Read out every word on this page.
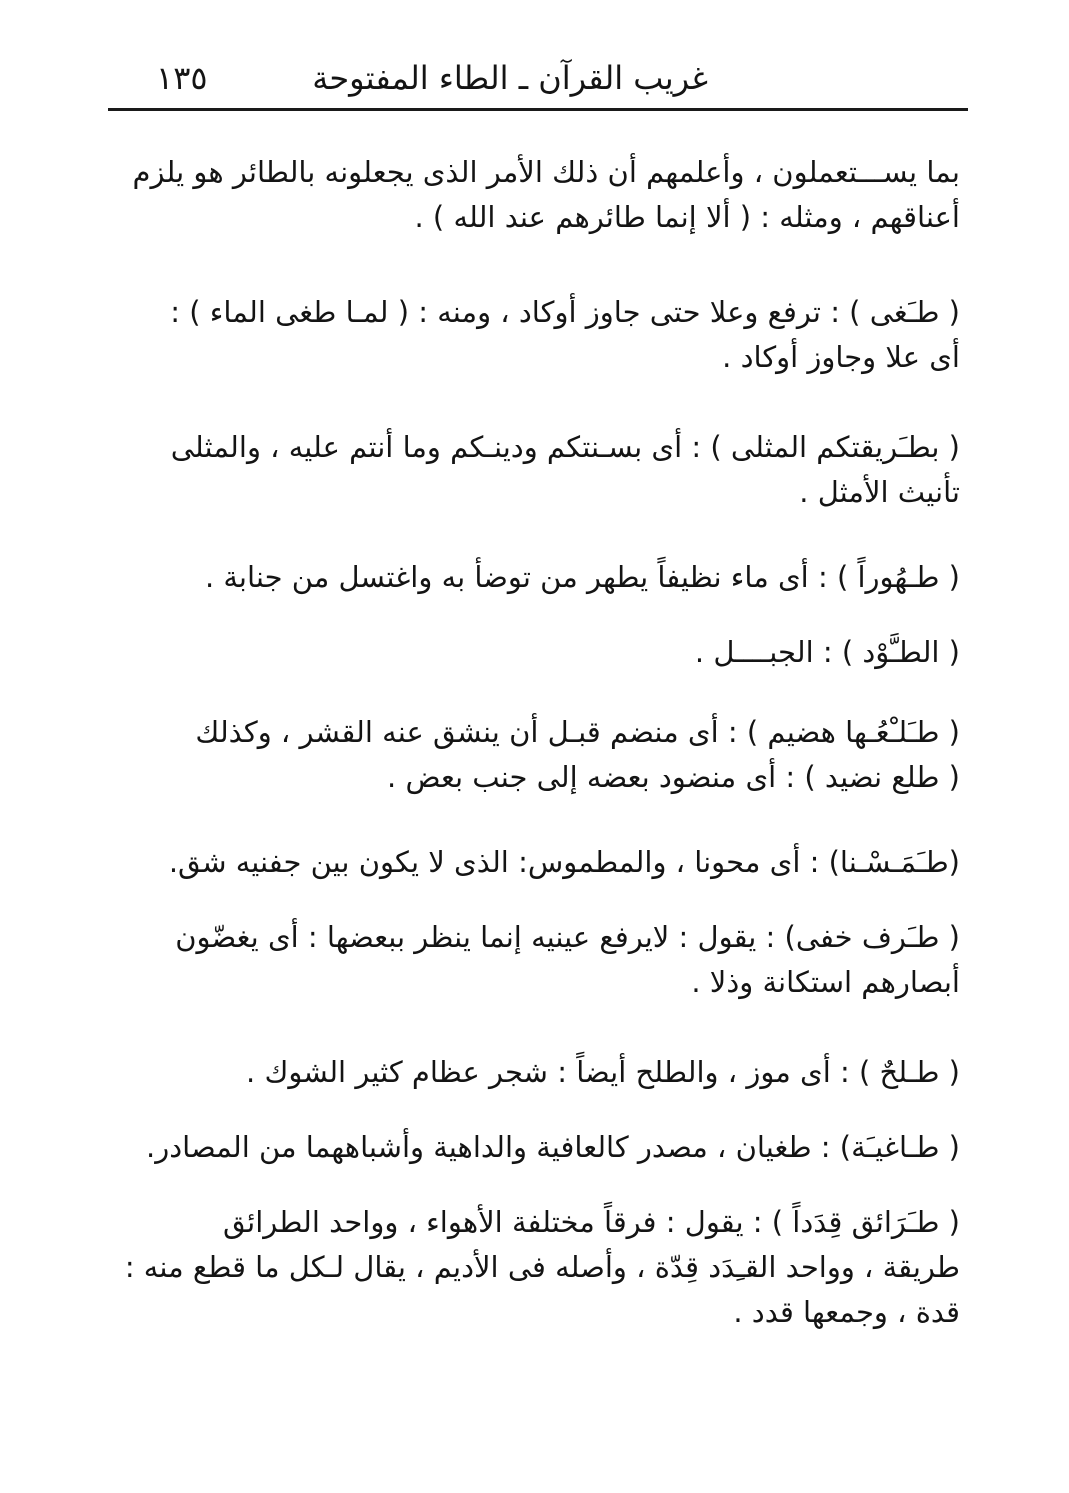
غريب القرآن ـ الطاء المفتوحة
١٣٥

بما يســـتعملون ، وأعلمهم أن ذلك الأمر الذى يجعلونه بالطائر هو يلزم
أعناقهم ، ومثله : ( ألا إنما طائرهم عند الله ) .

( طـَغى ) : ترفع وعلا حتى جاوز أوكاد ، ومنه : ( لمـا طغى الماء ) :
أى علا وجاوز أوكاد .

( بطـَريقتكم المثلى ) : أى بسـنتكم ودينـكم وما أنتم عليه ، والمثلى
تأنيث الأمثل .

( طـهُوراً ) : أى ماء نظيفاً يطهر من توضأ به واغتسل من جنابة .

( الطـَّوْد ) : الجبــــل .

( طـَلـْعُـها هضيم ) : أى منضم قبـل أن ينشق عنه القشر ، وكذلك
( طلع نضيد ) : أى منضود بعضه إلى جنب بعض .

(طـَمَـسْـنا) : أى محونا ، والمطموس: الذى لا يكون بين جفنيه شق.

( طـَرف خفى) : يقول : لايرفع عينيه إنما ينظر ببعضها : أى يغضّون
أبصارهم استكانة وذلا .

( طـلحٌ ) : أى موز ، والطلح أيضاً : شجر عظام كثير الشوك .

( طـاغيـَة) : طغيان ، مصدر كالعافية والداهية وأشباههما من المصادر.

( طـَرَائق قِدَداً ) : يقول : فرقاً مختلفة الأهواء ، وواحد الطرائق
طريقة ، وواحد القـِدَد قِدّة ، وأصله فى الأديم ، يقال لـكل ما قطع منه :
قدة ، وجمعها قدد .
